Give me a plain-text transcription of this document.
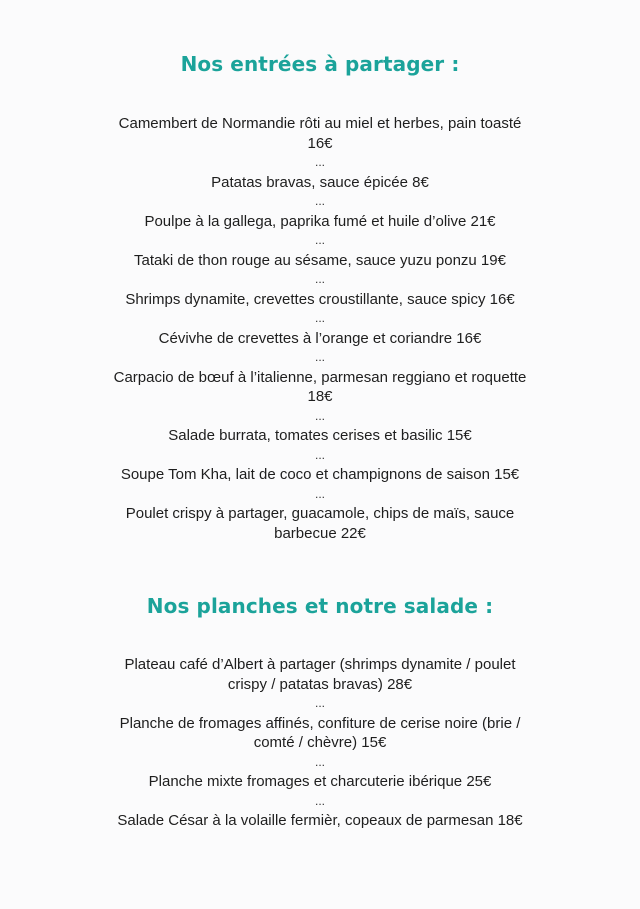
Nos entrées à partager :

Camembert de Normandie rôti au miel et herbes, pain toasté 16€

...

Patatas bravas, sauce épicée 8€

...

Poulpe à la gallega, paprika fumé et huile d’olive 21€

...

Tataki de thon rouge au sésame, sauce yuzu ponzu 19€

...

Shrimps dynamite, crevettes croustillante, sauce spicy 16€

...

Cévivhe de crevettes à l’orange et coriandre 16€

...

Carpacio de bœuf à l’italienne, parmesan reggiano et roquette 18€

...

Salade burrata, tomates cerises et basilic 15€

...

Soupe Tom Kha, lait de coco et champignons de saison 15€

...

Poulet crispy à partager, guacamole, chips de maïs, sauce barbecue 22€

Nos planches et notre salade :

Plateau café d’Albert à partager (shrimps dynamite / poulet crispy / patatas bravas) 28€

...

Planche de fromages affinés, confiture de cerise noire (brie / comté / chèvre) 15€

...

Planche mixte fromages et charcuterie ibérique 25€

...

Salade César à la volaille fermièr, copeaux de parmesan 18€
